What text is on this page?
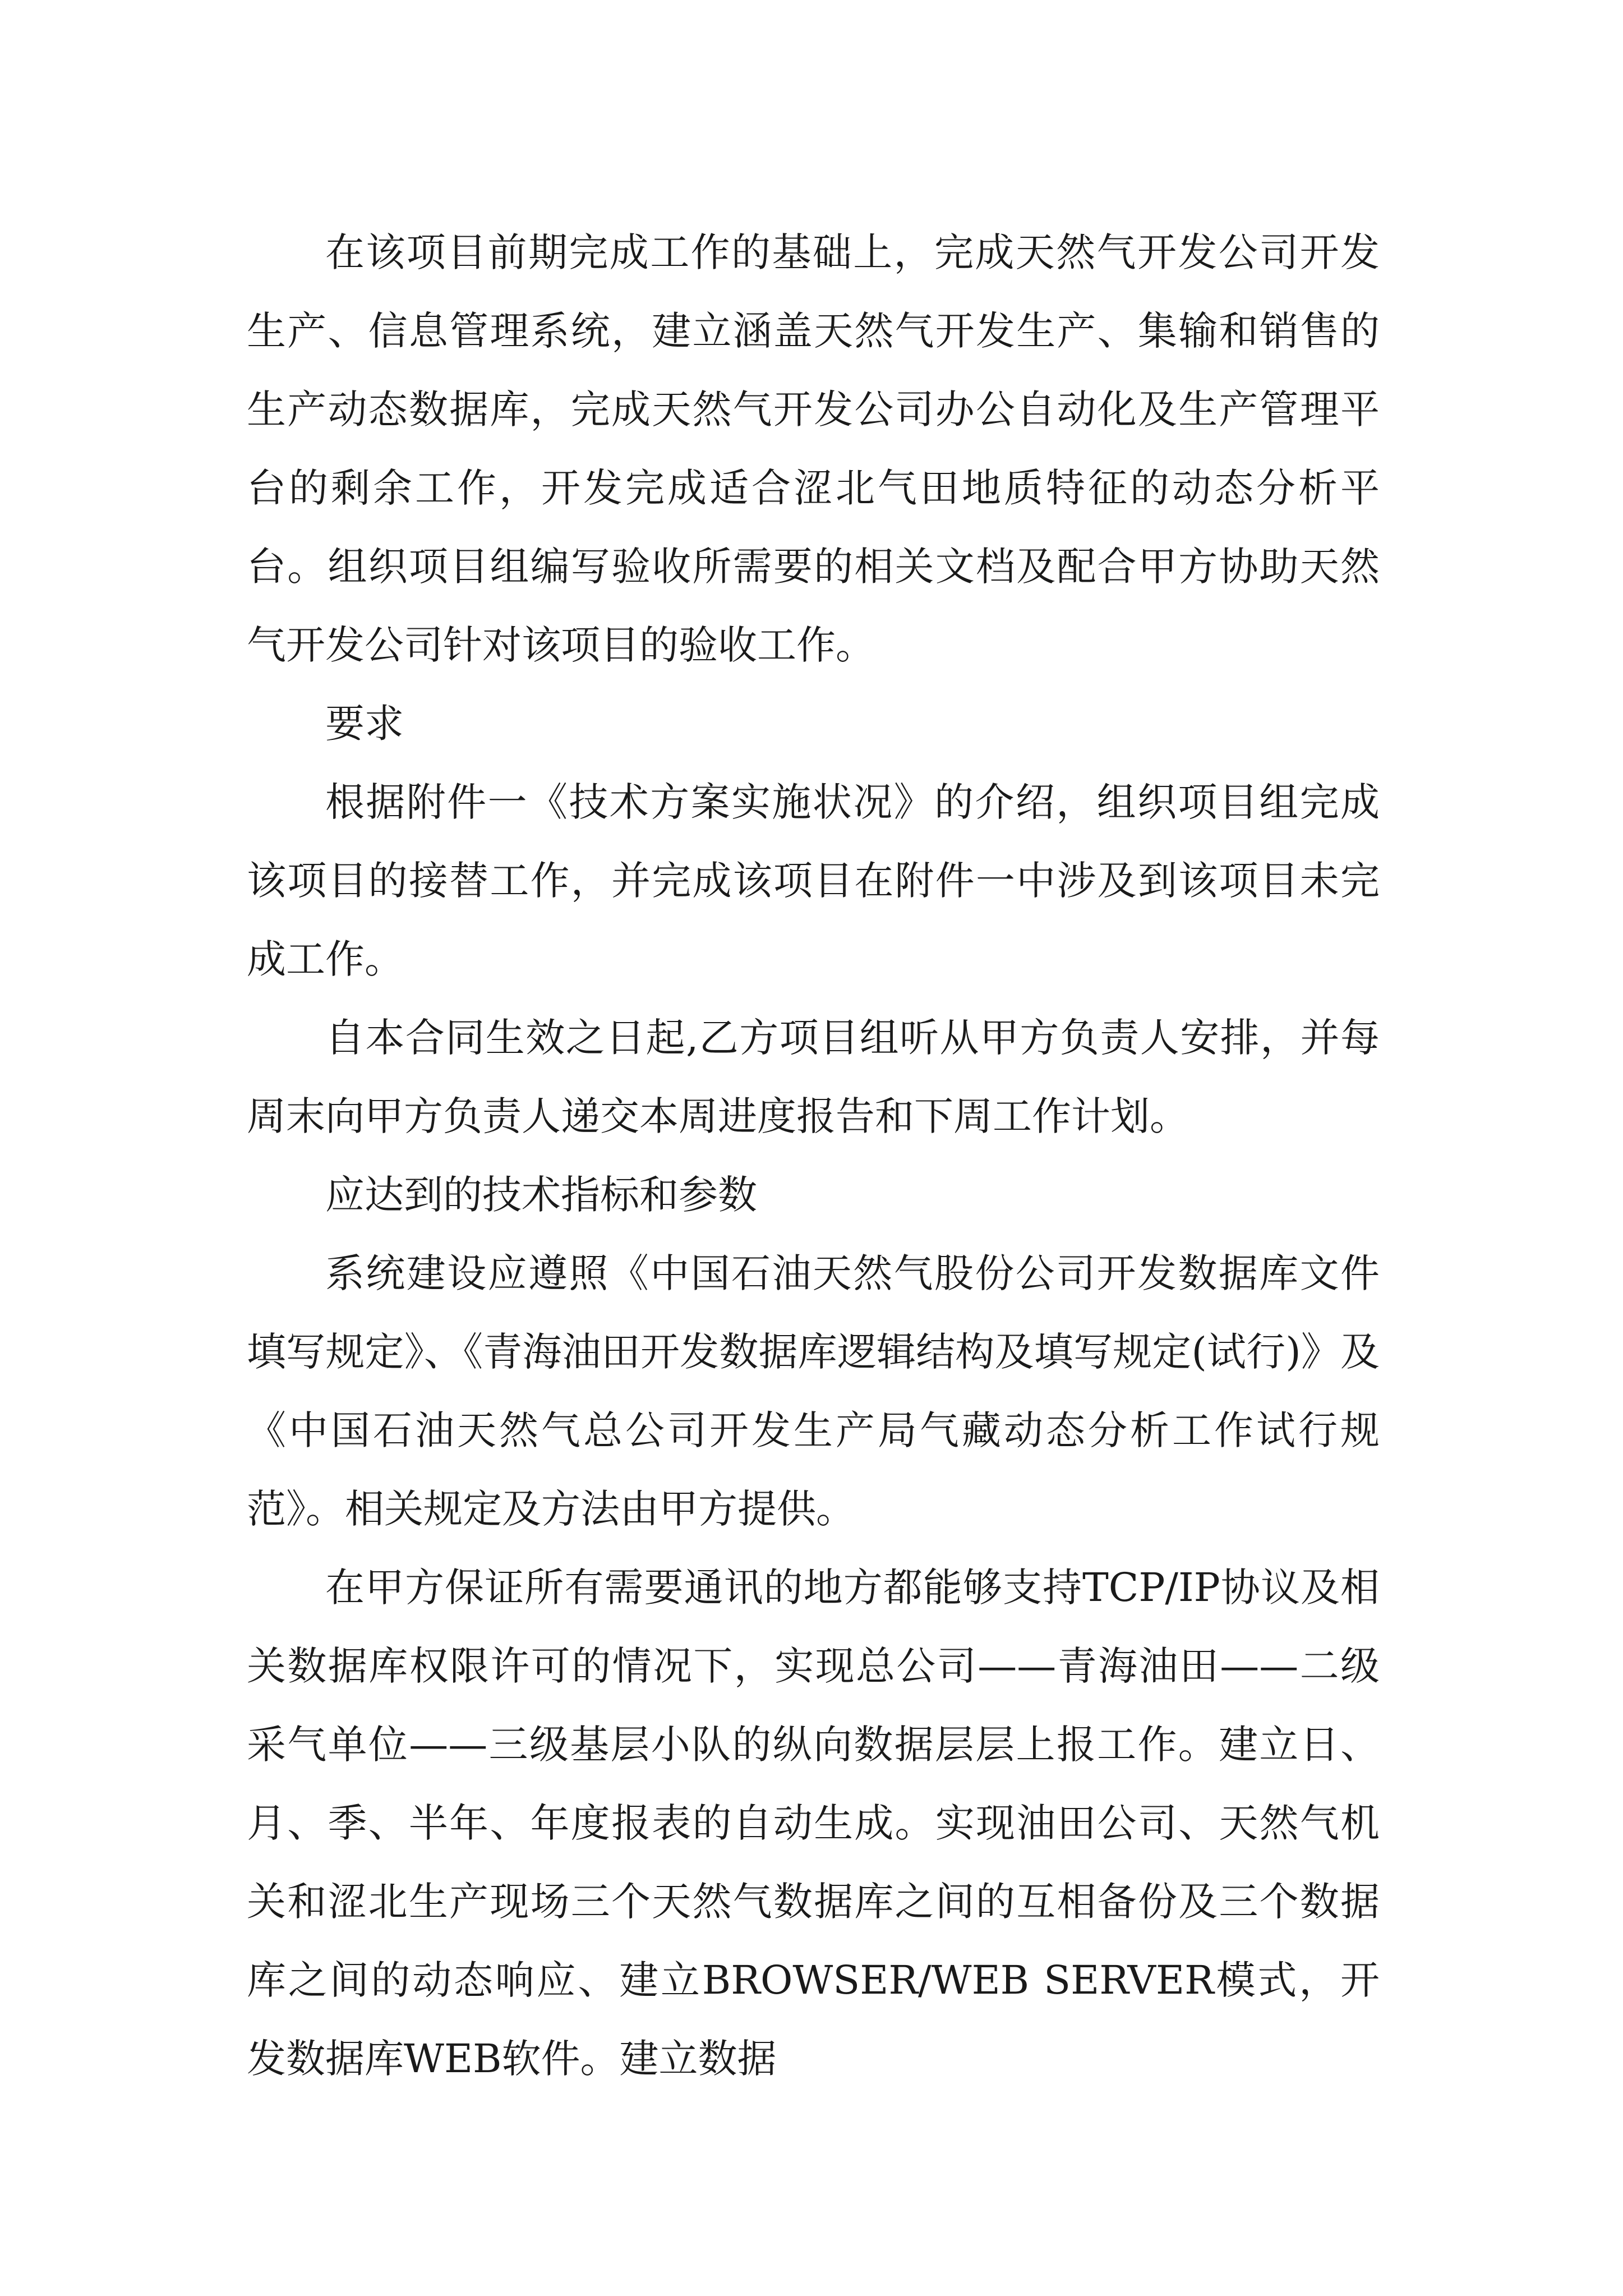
在该项目前期完成工作的基础上，完成天然气开发公司开发生产、信息管理系统，建立涵盖天然气开发生产、集输和销售的生产动态数据库，完成天然气开发公司办公自动化及生产管理平台的剩余工作，开发完成适合涩北气田地质特征的动态分析平台。组织项目组编写验收所需要的相关文档及配合甲方协助天然气开发公司针对该项目的验收工作。

要求

根据附件一《技术方案实施状况》的介绍，组织项目组完成该项目的接替工作，并完成该项目在附件一中涉及到该项目未完成工作。

自本合同生效之日起,乙方项目组听从甲方负责人安排，并每周末向甲方负责人递交本周进度报告和下周工作计划。

应达到的技术指标和参数

系统建设应遵照《中国石油天然气股份公司开发数据库文件填写规定》、《青海油田开发数据库逻辑结构及填写规定(试行)》及《中国石油天然气总公司开发生产局气藏动态分析工作试行规范》。相关规定及方法由甲方提供。

在甲方保证所有需要通讯的地方都能够支持TCP/IP协议及相关数据库权限许可的情况下，实现总公司——青海油田——二级采气单位——三级基层小队的纵向数据层层上报工作。建立日、月、季、半年、年度报表的自动生成。实现油田公司、天然气机关和涩北生产现场三个天然气数据库之间的互相备份及三个数据库之间的动态响应、建立BROWSER/WEB SERVER模式，开发数据库WEB软件。建立数据
